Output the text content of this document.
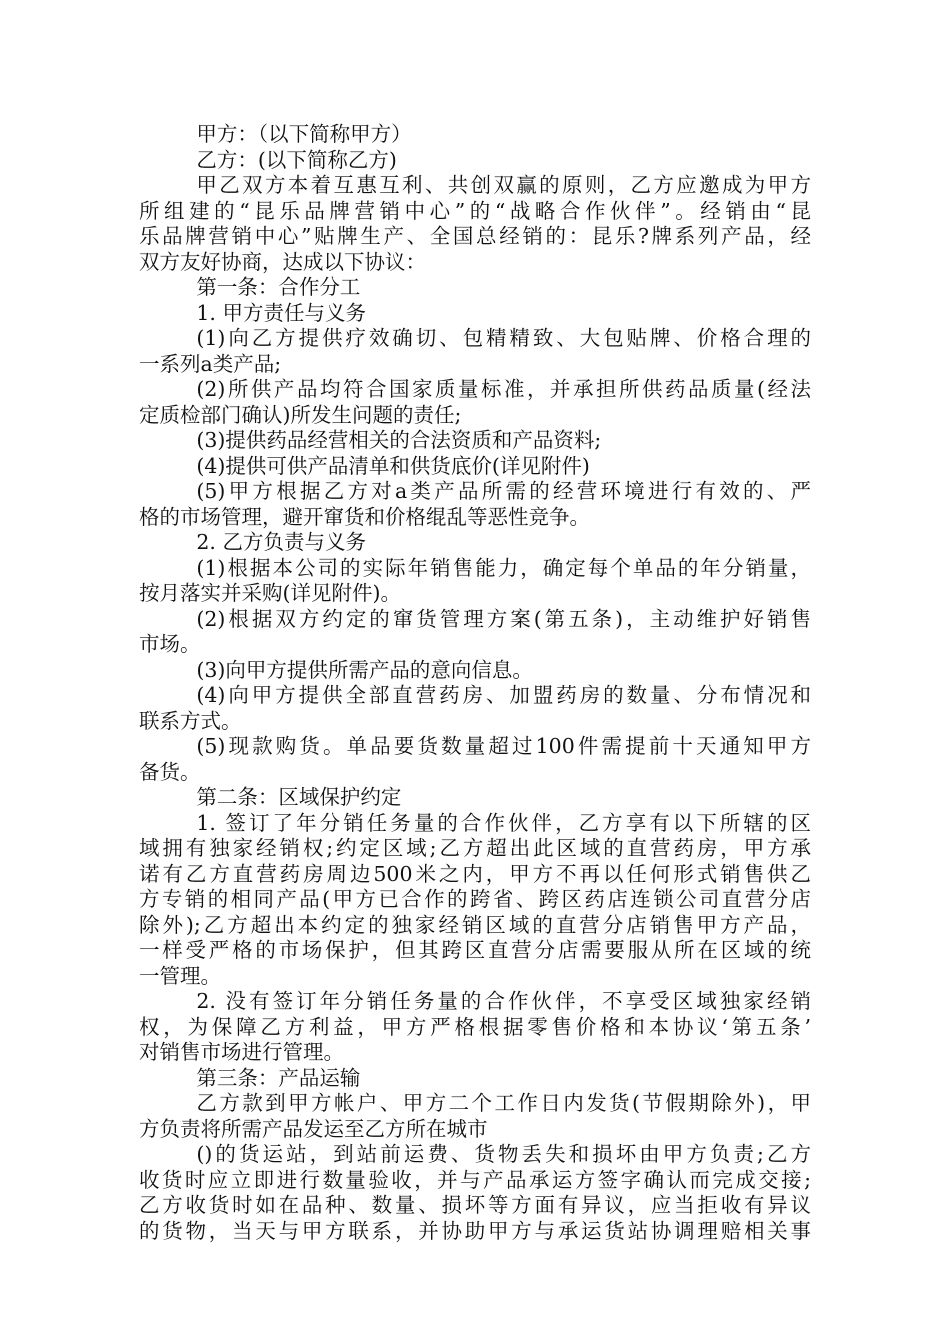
甲方：（以下简称甲方）
乙方：(以下简称乙方)
甲乙双方本着互惠互利、共创双赢的原则，乙方应邀成为甲方
所组建的“昆乐品牌营销中心”的“战略合作伙伴”。经销由“昆
乐品牌营销中心”贴牌生产、全国总经销的：昆乐?牌系列产品，经
双方友好协商，达成以下协议：
第一条：合作分工
1. 甲方责任与义务
(1)向乙方提供疗效确切、包精精致、大包贴牌、价格合理的
一系列a类产品;
(2)所供产品均符合国家质量标准，并承担所供药品质量(经法
定质检部门确认)所发生问题的责任;
(3)提供药品经营相关的合法资质和产品资料;
(4)提供可供产品清单和供货底价(详见附件)
(5)甲方根据乙方对a类产品所需的经营环境进行有效的、严
格的市场管理，避开窜货和价格绲乱等恶性竞争。
2. 乙方负责与义务
(1)根据本公司的实际年销售能力，确定每个单品的年分销量，
按月落实并采购(详见附件)。
(2)根据双方约定的窜货管理方案(第五条)，主动维护好销售
市场。
(3)向甲方提供所需产品的意向信息。
(4)向甲方提供全部直营药房、加盟药房的数量、分布情况和
联系方式。
(5)现款购货。单品要货数量超过100件需提前十天通知甲方
备货。
第二条：区域保护约定
1. 签订了年分销任务量的合作伙伴，乙方享有以下所辖的区
域拥有独家经销权;约定区域;乙方超出此区域的直营药房，甲方承
诺有乙方直营药房周边500米之内，甲方不再以任何形式销售供乙
方专销的相同产品(甲方已合作的跨省、跨区药店连锁公司直营分店
除外);乙方超出本约定的独家经销区域的直营分店销售甲方产品，
一样受严格的市场保护，但其跨区直营分店需要服从所在区域的统
一管理。
2. 没有签订年分销任务量的合作伙伴，不享受区域独家经销
权，为保障乙方利益，甲方严格根据零售价格和本协议‘第五条’
对销售市场进行管理。
第三条：产品运输
乙方款到甲方帐户、甲方二个工作日内发货(节假期除外)，甲
方负责将所需产品发运至乙方所在城市
()的货运站，到站前运费、货物丢失和损坏由甲方负责;乙方
收货时应立即进行数量验收，并与产品承运方签字确认而完成交接;
乙方收货时如在品种、数量、损坏等方面有异议，应当拒收有异议
的货物，当天与甲方联系，并协助甲方与承运货站协调理赔相关事
